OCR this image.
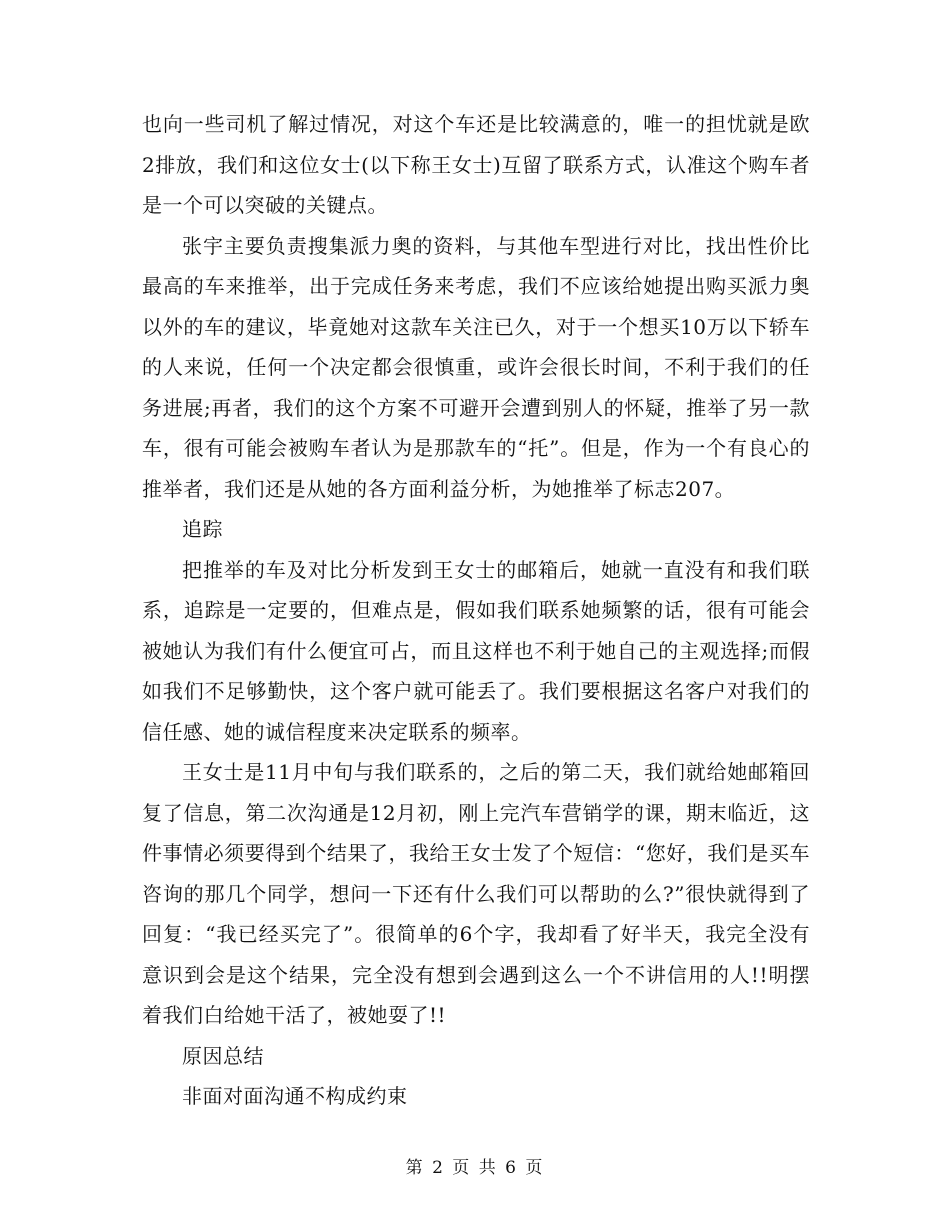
也向一些司机了解过情况，对这个车还是比较满意的，唯一的担忧就是欧2排放，我们和这位女士(以下称王女士)互留了联系方式，认准这个购车者是一个可以突破的关键点。

张宇主要负责搜集派力奥的资料，与其他车型进行对比，找出性价比最高的车来推举，出于完成任务来考虑，我们不应该给她提出购买派力奥以外的车的建议，毕竟她对这款车关注已久，对于一个想买10万以下轿车的人来说，任何一个决定都会很慎重，或许会很长时间，不利于我们的任务进展;再者，我们的这个方案不可避开会遭到别人的怀疑，推举了另一款车，很有可能会被购车者认为是那款车的“托”。但是，作为一个有良心的推举者，我们还是从她的各方面利益分析，为她推举了标志207。

追踪

把推举的车及对比分析发到王女士的邮箱后，她就一直没有和我们联系，追踪是一定要的，但难点是，假如我们联系她频繁的话，很有可能会被她认为我们有什么便宜可占，而且这样也不利于她自己的主观选择;而假如我们不足够勤快，这个客户就可能丢了。我们要根据这名客户对我们的信任感、她的诚信程度来决定联系的频率。

王女士是11月中旬与我们联系的，之后的第二天，我们就给她邮箱回复了信息，第二次沟通是12月初，刚上完汽车营销学的课，期末临近，这件事情必须要得到个结果了，我给王女士发了个短信：“您好，我们是买车咨询的那几个同学，想问一下还有什么我们可以帮助的么?”很快就得到了回复：“我已经买完了”。很简单的6个字，我却看了好半天，我完全没有意识到会是这个结果，完全没有想到会遇到这么一个不讲信用的人!!明摆着我们白给她干活了，被她耍了!!

原因总结

非面对面沟通不构成约束

第 2 页 共 6 页
